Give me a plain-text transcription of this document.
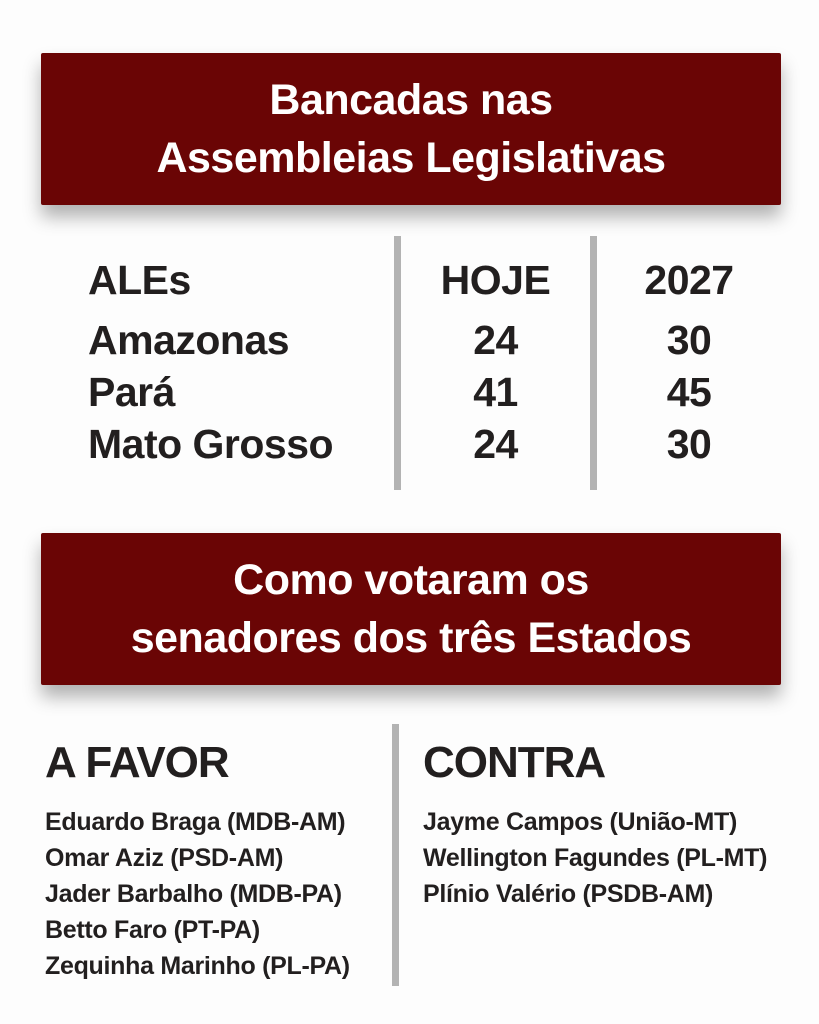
Bancadas nas
Assembleias Legislativas
ALEs
Amazonas
Pará
Mato Grosso
HOJE
24
41
24
2027
30
45
30
Como votaram os
senadores dos três Estados
A FAVOR
Eduardo Braga (MDB-AM)
Omar Aziz (PSD-AM)
Jader Barbalho (MDB-PA)
Betto Faro (PT-PA)
Zequinha Marinho (PL-PA)
CONTRA
Jayme Campos (União-MT)
Wellington Fagundes (PL-MT)
Plínio Valério (PSDB-AM)
